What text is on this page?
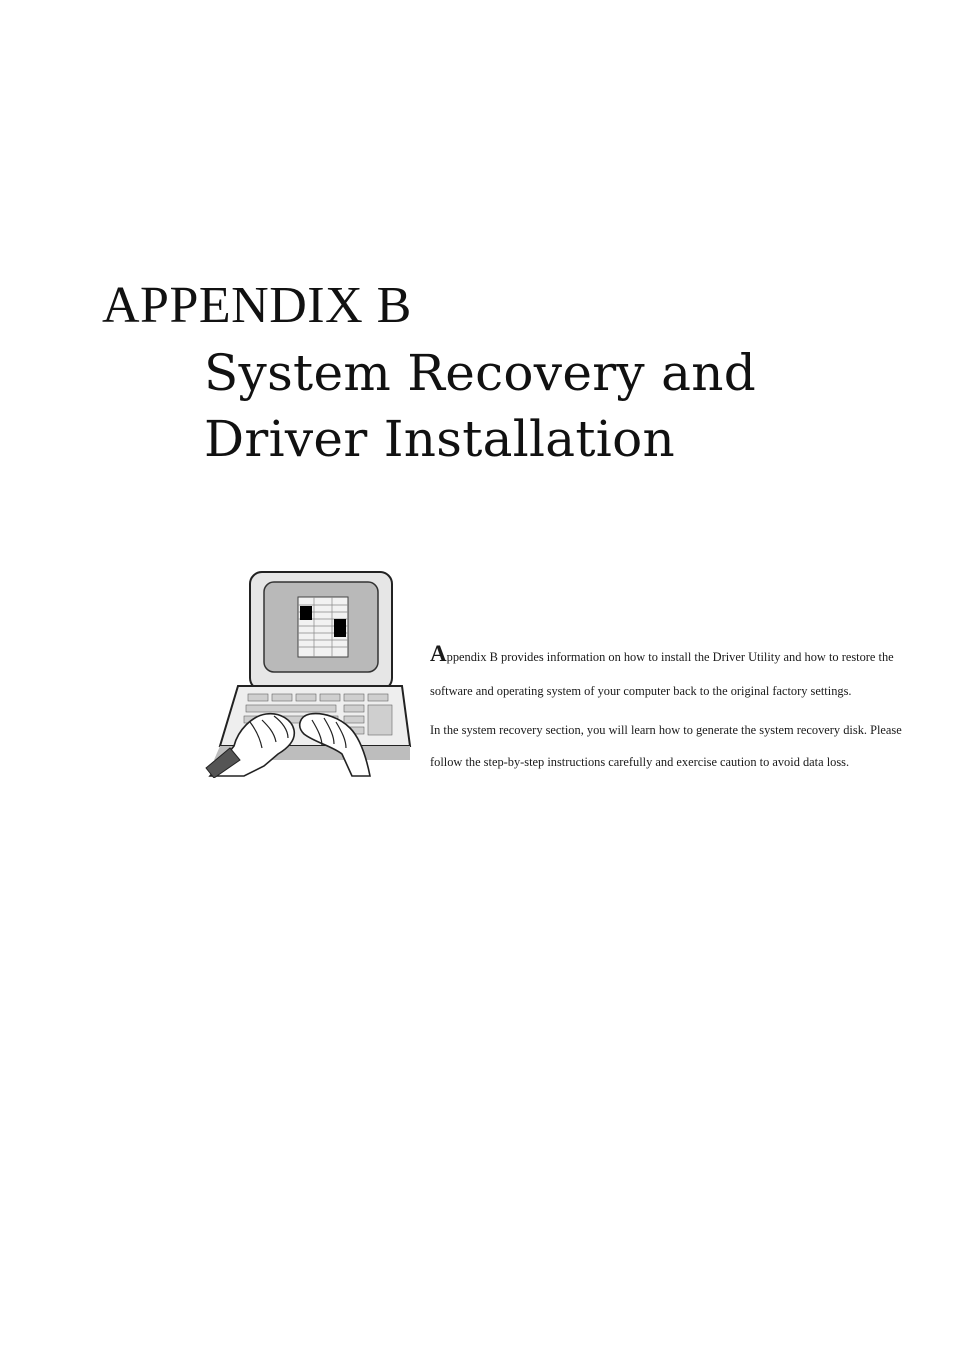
APPENDIX B
System Recovery and
Driver Installation

Appendix B provides information on how to install the Driver Utility and how to restore the software and operating system of your computer back to the original factory settings.

In the system recovery section, you will learn how to generate the system recovery disk. Please follow the step-by-step instructions carefully and exercise caution to avoid data loss.
